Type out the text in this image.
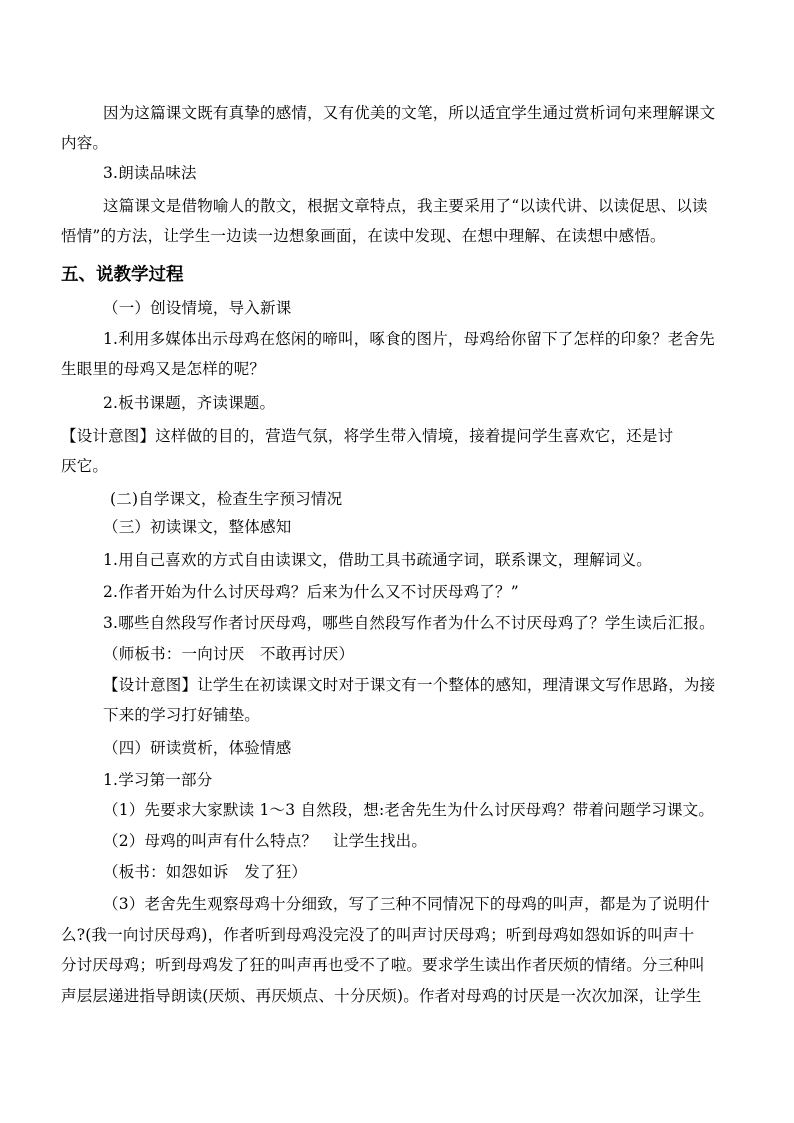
因为这篇课文既有真挚的感情，又有优美的文笔，所以适宜学生通过赏析词句来理解课文
内容。
3.朗读品味法
这篇课文是借物喻人的散文，根据文章特点，我主要采用了“以读代讲、以读促思、以读
悟情”的方法，让学生一边读一边想象画面，在读中发现、在想中理解、在读想中感悟。
五、说教学过程
（一）创设情境，导入新课
1.利用多媒体出示母鸡在悠闲的啼叫，啄食的图片，母鸡给你留下了怎样的印象？老舍先
生眼里的母鸡又是怎样的呢？
2.板书课题，齐读课题。
【设计意图】这样做的目的，营造气氛，将学生带入情境，接着提问学生喜欢它，还是讨
厌它。
(二)自学课文，检查生字预习情况
（三）初读课文，整体感知
1.用自己喜欢的方式自由读课文，借助工具书疏通字词，联系课文，理解词义。
2.作者开始为什么讨厌母鸡？后来为什么又不讨厌母鸡了？”
3.哪些自然段写作者讨厌母鸡，哪些自然段写作者为什么不讨厌母鸡了？学生读后汇报。
（师板书：一向讨厌　不敢再讨厌）
【设计意图】让学生在初读课文时对于课文有一个整体的感知，理清课文写作思路，为接
下来的学习打好铺垫。
（四）研读赏析，体验情感
1.学习第一部分
（1）先要求大家默读 1～3 自然段，想:老舍先生为什么讨厌母鸡？带着问题学习课文。
（2）母鸡的叫声有什么特点？　让学生找出。
（板书：如怨如诉　发了狂）
（3）老舍先生观察母鸡十分细致，写了三种不同情况下的母鸡的叫声，都是为了说明什
么?(我一向讨厌母鸡)，作者听到母鸡没完没了的叫声讨厌母鸡；听到母鸡如怨如诉的叫声十
分讨厌母鸡；听到母鸡发了狂的叫声再也受不了啦。要求学生读出作者厌烦的情绪。分三种叫
声层层递进指导朗读(厌烦、再厌烦点、十分厌烦)。作者对母鸡的讨厌是一次次加深，让学生
